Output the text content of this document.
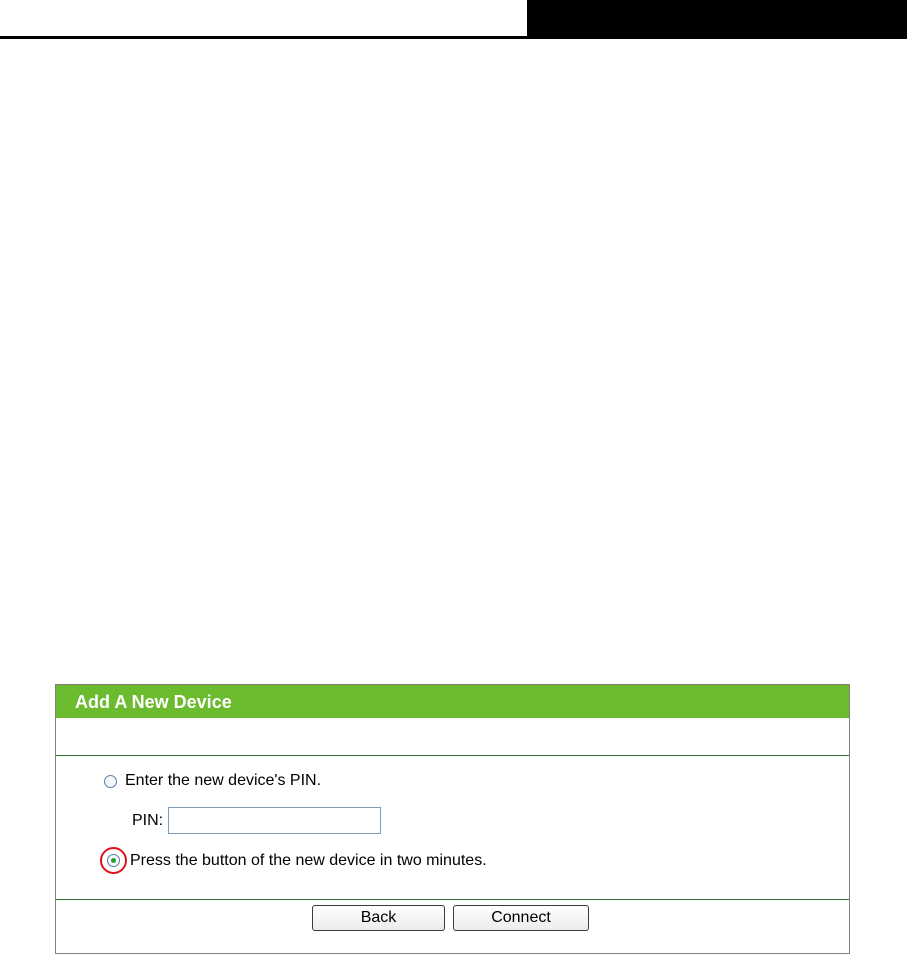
Add A New Device
Enter the new device's PIN.
PIN:
Press the button of the new device in two minutes.
Back	Connect
